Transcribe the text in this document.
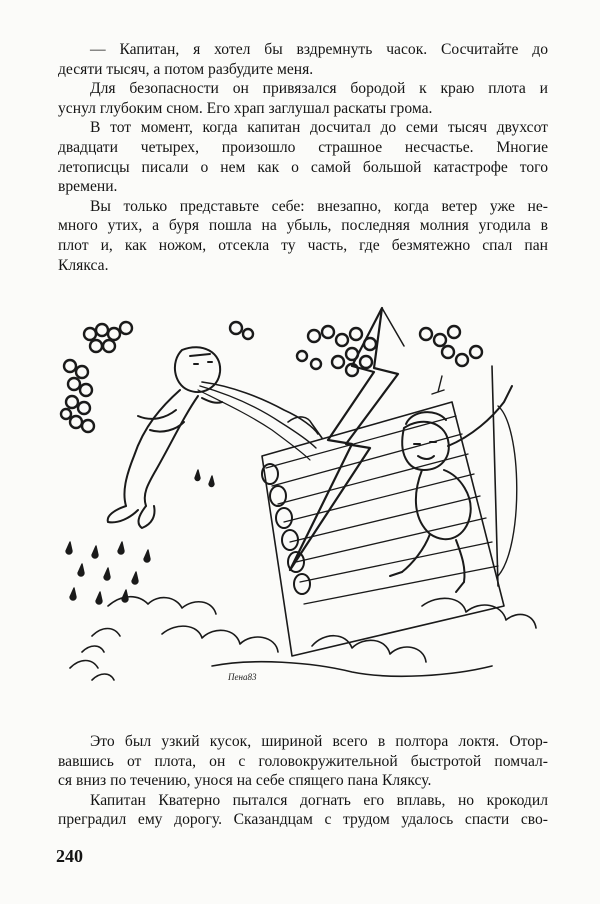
— Капитан, я хотел бы вздремнуть часок. Сосчитайте до
десяти тысяч, а потом разбудите меня.

Для безопасности он привязался бородой к краю плота и
уснул глубоким сном. Его храп заглушал раскаты грома.

В тот момент, когда капитан досчитал до семи тысяч двухсот
двадцати четырех, произошло страшное несчастье. Многие
летописцы писали о нем как о самой большой катастрофе того
времени.

Вы только представьте себе: внезапно, когда ветер уже не-
много утих, а буря пошла на убыль, последняя молния угодила в
плот и, как ножом, отсекла ту часть, где безмятежно спал пан
Клякса.

Пена83

Это был узкий кусок, шириной всего в полтора локтя. Отор-
вавшись от плота, он с головокружительной быстротой помчал-
ся вниз по течению, унося на себе спящего пана Кляксу.

Капитан Кватерно пытался догнать его вплавь, но крокодил
преградил ему дорогу. Сказандцам с трудом удалось спасти сво-

240
